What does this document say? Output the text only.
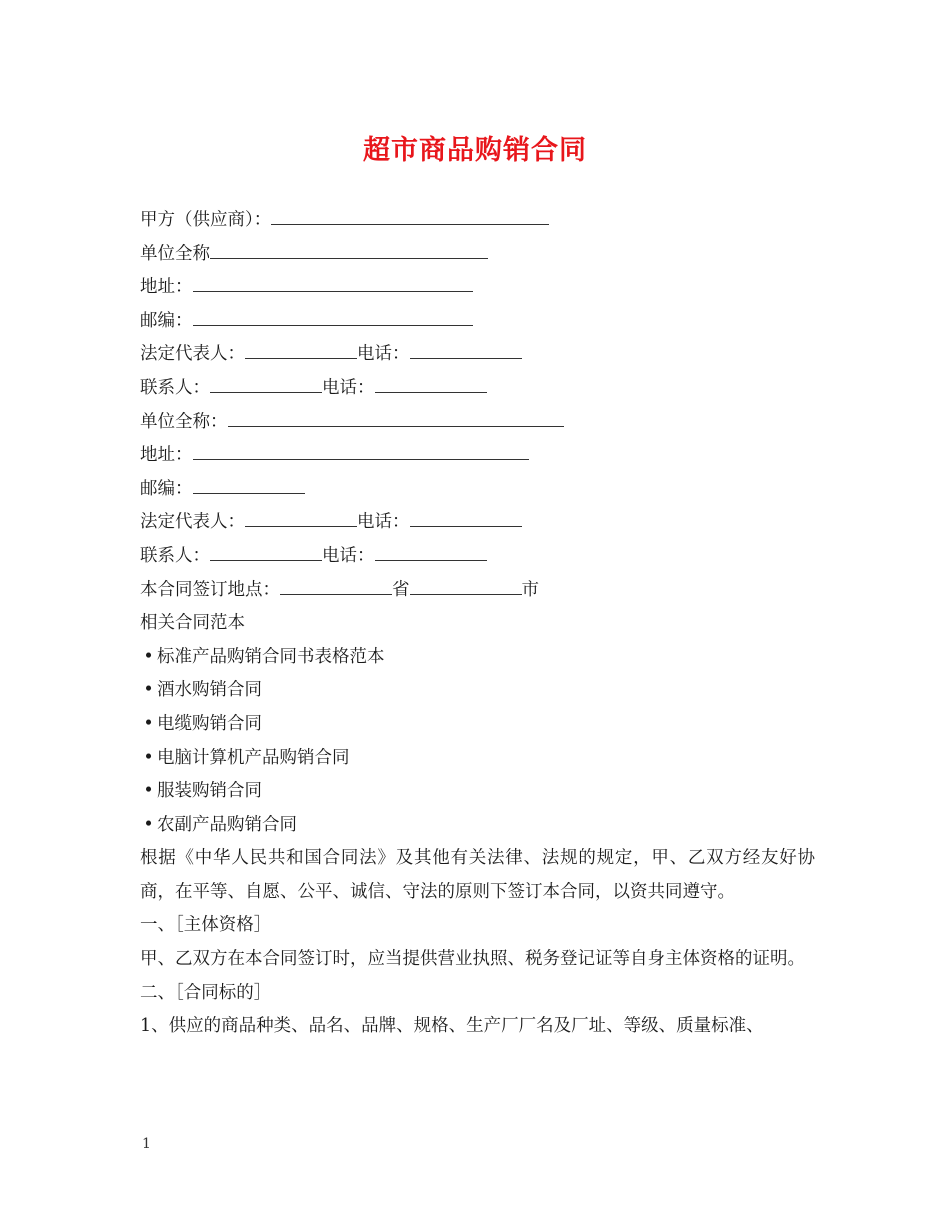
超市商品购销合同
甲方（供应商）：
单位全称
地址：
邮编：
法定代表人：	电话：
联系人：	电话：
单位全称：
地址：
邮编：
法定代表人：	电话：
联系人：	电话：
本合同签订地点：	省	市
相关合同范本
• 标准产品购销合同书表格范本
• 酒水购销合同
• 电缆购销合同
• 电脑计算机产品购销合同
• 服装购销合同
• 农副产品购销合同
根据《中华人民共和国合同法》及其他有关法律、法规的规定，甲、乙双方经友好协商，在平等、自愿、公平、诚信、守法的原则下签订本合同，以资共同遵守。
一、［主体资格］
甲、乙双方在本合同签订时，应当提供营业执照、税务登记证等自身主体资格的证明。
二、［合同标的］
1、供应的商品种类、品名、品牌、规格、生产厂厂名及厂址、等级、质量标准、
1
